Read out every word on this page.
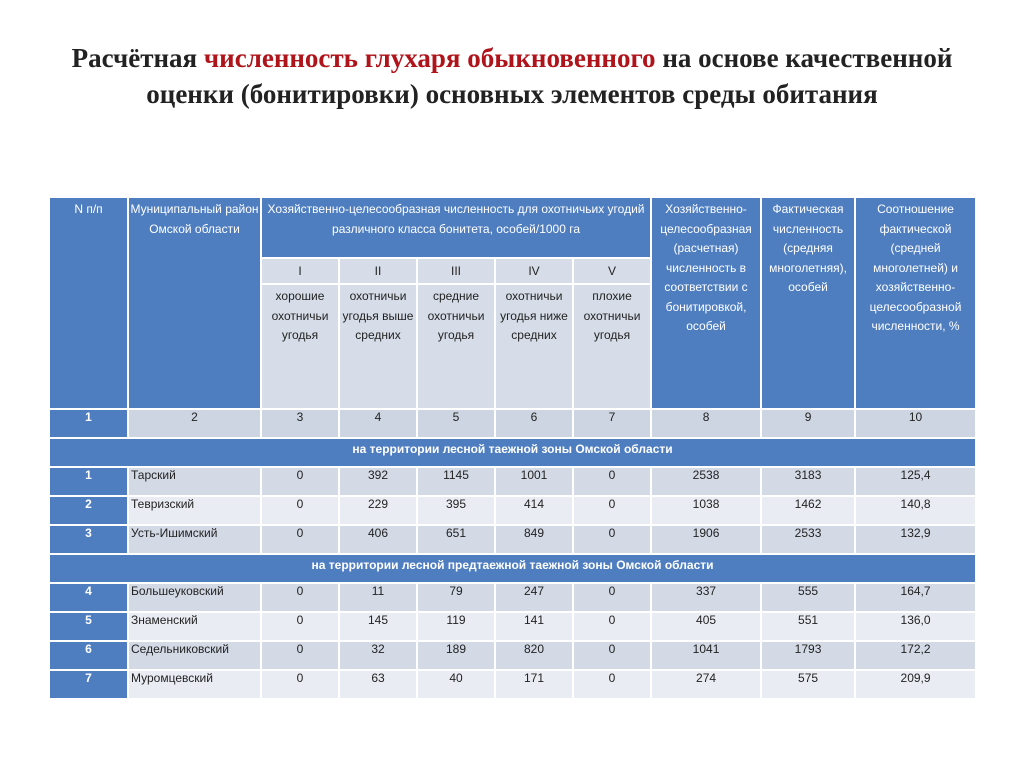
Расчётная численность глухаря обыкновенного на основе качественной оценки (бонитировки) основных элементов среды обитания
N п/п	Муниципальный район Омской области	Хозяйственно-целесообразная численность для охотничьих угодий различного класса бонитета, особей/1000 га					Хозяйственно-целесообразная (расчетная) численность в соответствии с бонитировкой, особей	Фактическая численность (средняя многолетняя), особей	Соотношение фактической (средней многолетней) и хозяйственно-целесообразной численности, %
		I	II	III	IV	V			
		хорошие охотничьи угодья	охотничьи угодья выше средних	средние охотничьи угодья	охотничьи угодья ниже средних	плохие охотничьи угодья			
1	2	3	4	5	6	7	8	9	10
на территории лесной таежной зоны Омской области									
1	Тарский	0	392	1145	1001	0	2538	3183	125,4
2	Тевризский	0	229	395	414	0	1038	1462	140,8
3	Усть-Ишимский	0	406	651	849	0	1906	2533	132,9
на территории лесной предтаежной таежной зоны Омской области									
4	Большеуковский	0	11	79	247	0	337	555	164,7
5	Знаменский	0	145	119	141	0	405	551	136,0
6	Седельниковский	0	32	189	820	0	1041	1793	172,2
7	Муромцевский	0	63	40	171	0	274	575	209,9
